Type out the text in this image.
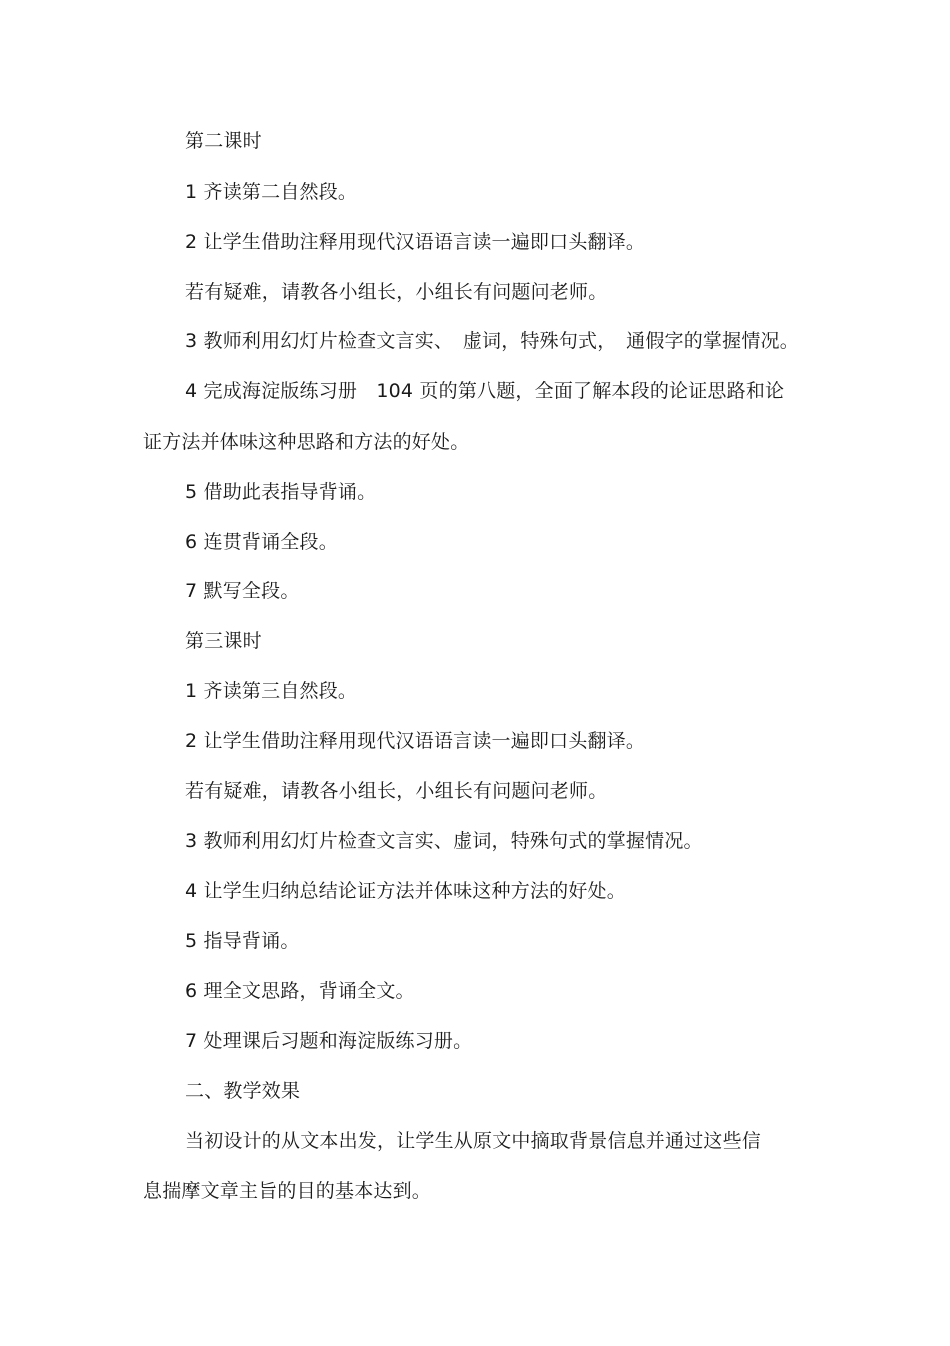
第二课时
1 齐读第二自然段。
2 让学生借助注释用现代汉语语言读一遍即口头翻译。
若有疑难，请教各小组长，小组长有问题问老师。
3 教师利用幻灯片检查文言实、　虚词，特殊句式，　通假字的掌握情况。
4 完成海淀版练习册　104 页的第八题，全面了解本段的论证思路和论
证方法并体味这种思路和方法的好处。
5 借助此表指导背诵。
6 连贯背诵全段。
7 默写全段。
第三课时
1 齐读第三自然段。
2 让学生借助注释用现代汉语语言读一遍即口头翻译。
若有疑难，请教各小组长，小组长有问题问老师。
3 教师利用幻灯片检查文言实、虚词，特殊句式的掌握情况。
4 让学生归纳总结论证方法并体味这种方法的好处。
5 指导背诵。
6 理全文思路，背诵全文。
7 处理课后习题和海淀版练习册。
二、教学效果
当初设计的从文本出发，让学生从原文中摘取背景信息并通过这些信
息揣摩文章主旨的目的基本达到。
